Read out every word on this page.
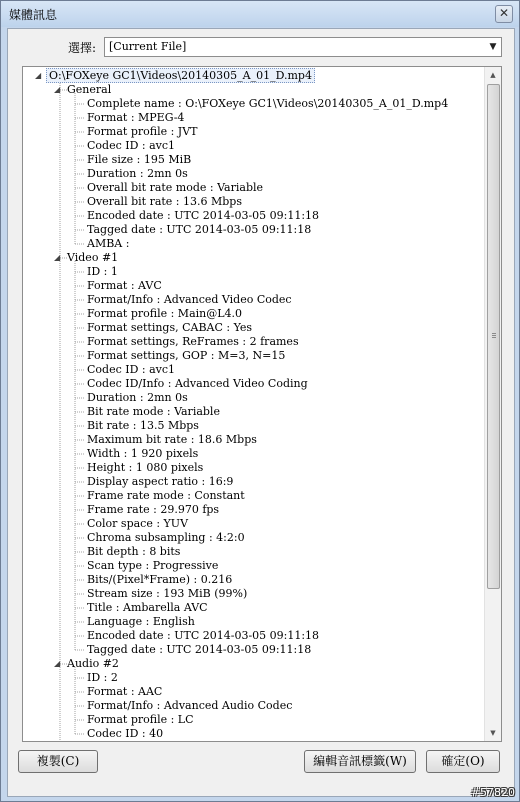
媒體訊息	✕
選擇: [Current File]	▼
▲
▼
◢ O:\FOXeye GC1\Videos\20140305_A_01_D.mp4
◢ General
Complete name : O:\FOXeye GC1\Videos\20140305_A_01_D.mp4
Format : MPEG-4
Format profile : JVT
Codec ID : avc1
File size : 195 MiB
Duration : 2mn 0s
Overall bit rate mode : Variable
Overall bit rate : 13.6 Mbps
Encoded date : UTC 2014-03-05 09:11:18
Tagged date : UTC 2014-03-05 09:11:18
AMBA :
◢ Video #1
ID : 1
Format : AVC
Format/Info : Advanced Video Codec
Format profile : Main@L4.0
Format settings, CABAC : Yes
Format settings, ReFrames : 2 frames
Format settings, GOP : M=3, N=15
Codec ID : avc1
Codec ID/Info : Advanced Video Coding
Duration : 2mn 0s
Bit rate mode : Variable
Bit rate : 13.5 Mbps
Maximum bit rate : 18.6 Mbps
Width : 1 920 pixels
Height : 1 080 pixels
Display aspect ratio : 16:9
Frame rate mode : Constant
Frame rate : 29.970 fps
Color space : YUV
Chroma subsampling : 4:2:0
Bit depth : 8 bits
Scan type : Progressive
Bits/(Pixel*Frame) : 0.216
Stream size : 193 MiB (99%)
Title : Ambarella AVC
Language : English
Encoded date : UTC 2014-03-05 09:11:18
Tagged date : UTC 2014-03-05 09:11:18
◢ Audio #2
ID : 2
Format : AAC
Format/Info : Advanced Audio Codec
Format profile : LC
Codec ID : 40
複製(C)	編輯音訊標籤(W)	確定(O)
#57820
